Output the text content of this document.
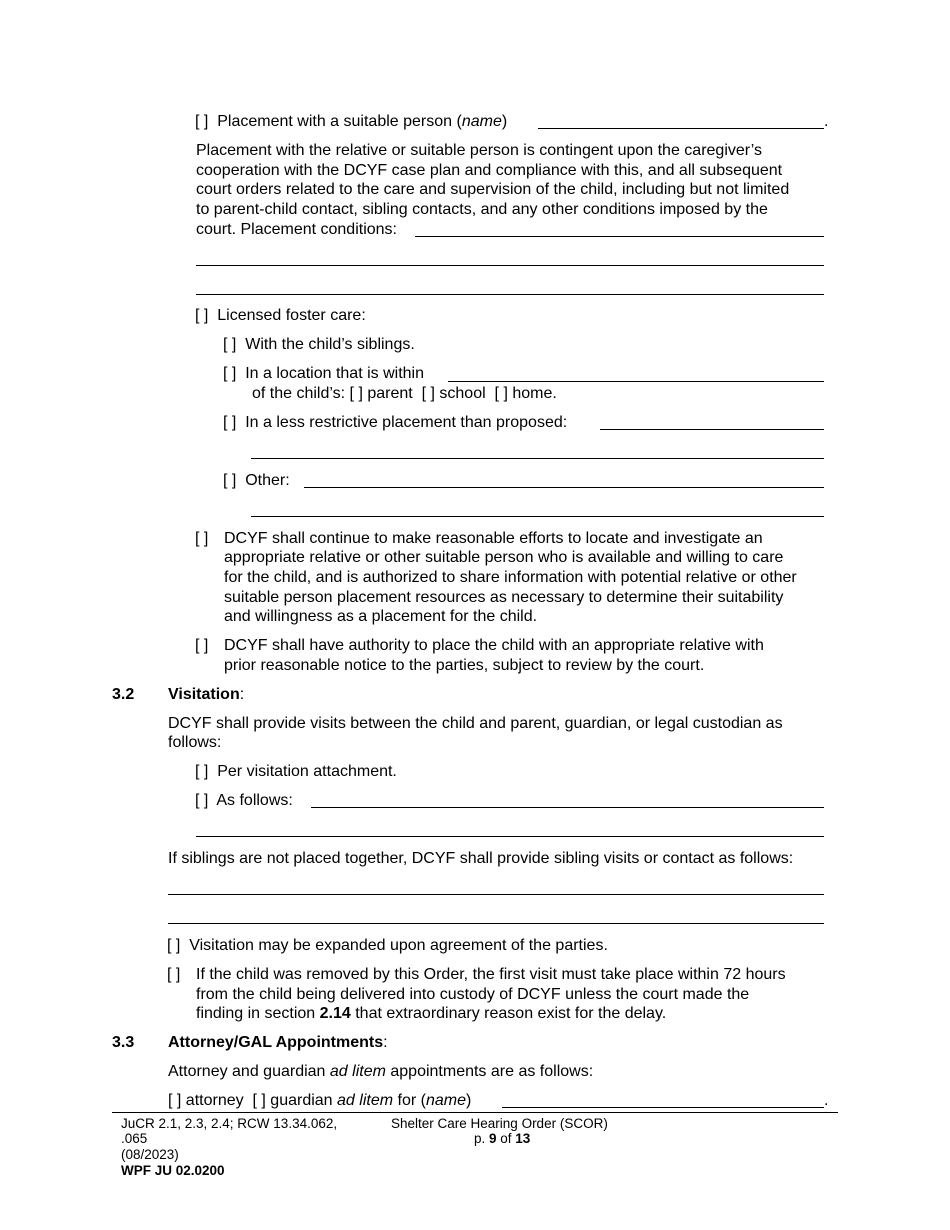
[ ] Placement with a suitable person (name)	.
Placement with the relative or suitable person is contingent upon the caregiver’s
cooperation with the DCYF case plan and compliance with this, and all subsequent
court orders related to the care and supervision of the child, including but not limited
to parent-child contact, sibling contacts, and any other conditions imposed by the
court. Placement conditions:
[ ] Licensed foster care:
[ ] With the child’s siblings.
[ ] In a location that is within
of the child’s: [ ] parent [ ] school [ ] home.
[ ] In a less restrictive placement than proposed:
[ ] Other:
[ ] DCYF shall continue to make reasonable efforts to locate and investigate an
appropriate relative or other suitable person who is available and willing to care
for the child, and is authorized to share information with potential relative or other
suitable person placement resources as necessary to determine their suitability
and willingness as a placement for the child.
[ ] DCYF shall have authority to place the child with an appropriate relative with
prior reasonable notice to the parties, subject to review by the court.
3.2 Visitation:
DCYF shall provide visits between the child and parent, guardian, or legal custodian as
follows:
[ ] Per visitation attachment.
[ ] As follows:
If siblings are not placed together, DCYF shall provide sibling visits or contact as follows:
[ ] Visitation may be expanded upon agreement of the parties.
[ ] If the child was removed by this Order, the first visit must take place within 72 hours
from the child being delivered into custody of DCYF unless the court made the
finding in section 2.14 that extraordinary reason exist for the delay.
3.3 Attorney/GAL Appointments:
Attorney and guardian ad litem appointments are as follows:
[ ] attorney [ ] guardian ad litem for (name)	.
JuCR 2.1, 2.3, 2.4; RCW 13.34.062,
.065
(08/2023)
WPF JU 02.0200
Shelter Care Hearing Order (SCOR)
p. 9 of 13
